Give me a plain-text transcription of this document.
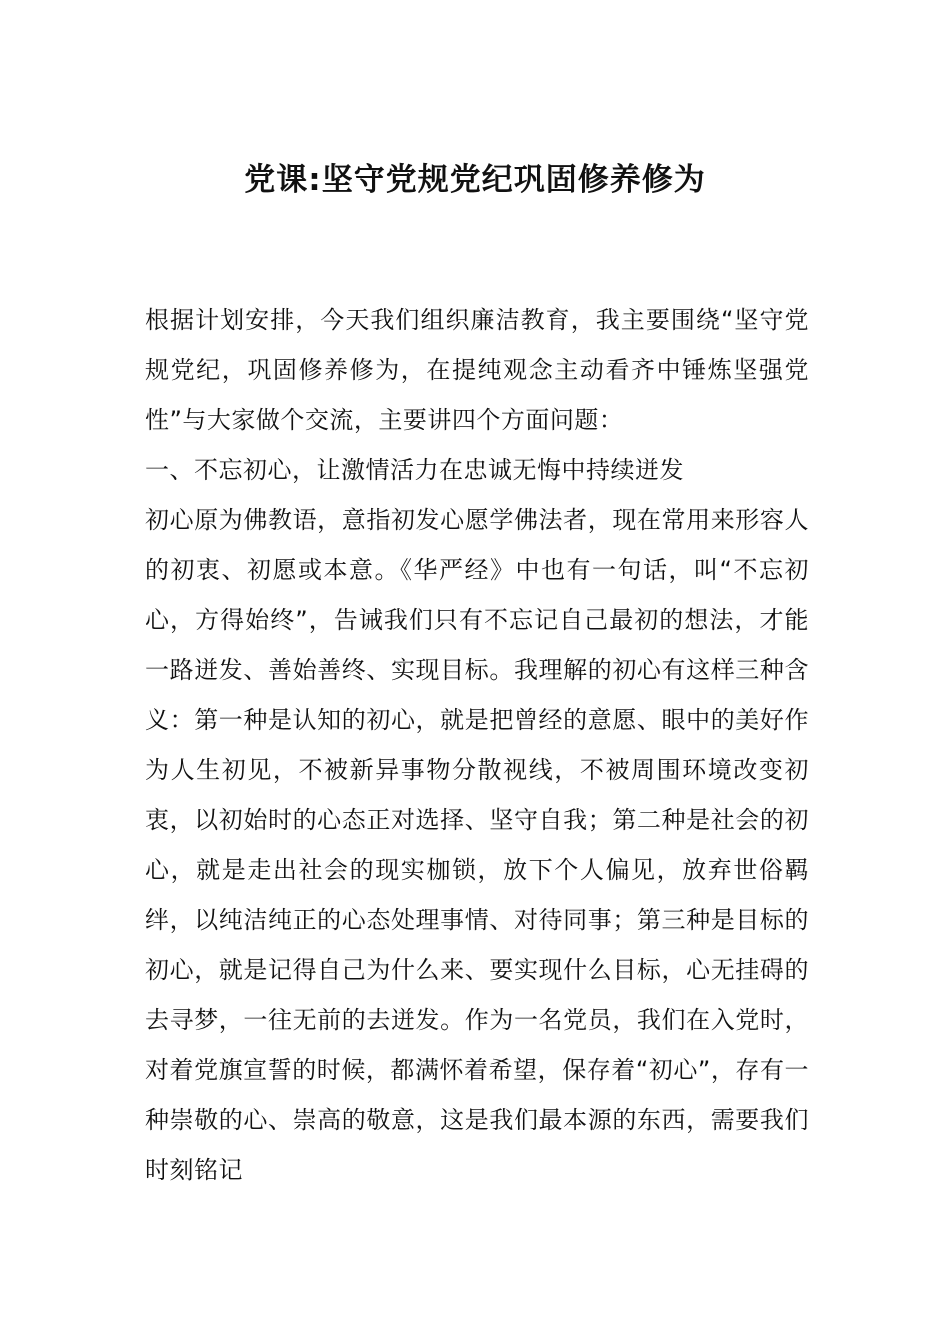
党课:坚守党规党纪巩固修养修为

根据计划安排，今天我们组织廉洁教育，我主要围绕“坚守党规党纪，巩固修养修为，在提纯观念主动看齐中锤炼坚强党性”与大家做个交流，主要讲四个方面问题：

一、不忘初心，让激情活力在忠诚无悔中持续迸发

初心原为佛教语，意指初发心愿学佛法者，现在常用来形容人的初衷、初愿或本意。《华严经》中也有一句话，叫“不忘初心，方得始终”，告诫我们只有不忘记自己最初的想法，才能一路迸发、善始善终、实现目标。我理解的初心有这样三种含义：第一种是认知的初心，就是把曾经的意愿、眼中的美好作为人生初见，不被新异事物分散视线，不被周围环境改变初衷，以初始时的心态正对选择、坚守自我；第二种是社会的初心，就是走出社会的现实枷锁，放下个人偏见，放弃世俗羁绊，以纯洁纯正的心态处理事情、对待同事；第三种是目标的初心，就是记得自己为什么来、要实现什么目标，心无挂碍的去寻梦，一往无前的去迸发。作为一名党员，我们在入党时，对着党旗宣誓的时候，都满怀着希望，保存着“初心”，存有一种崇敬的心、崇高的敬意，这是我们最本源的东西，需要我们时刻铭记
